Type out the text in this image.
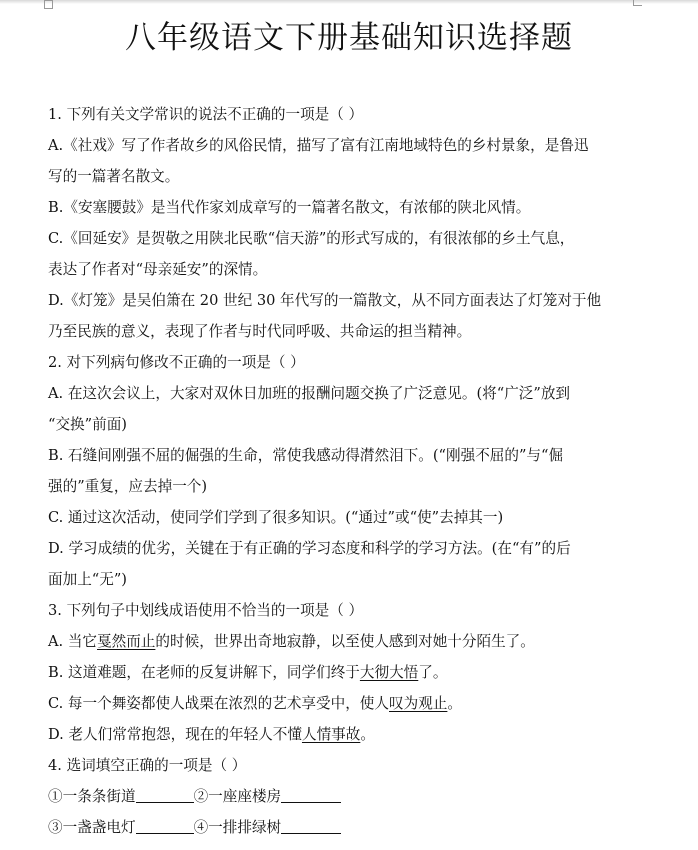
八年级语文下册基础知识选择题
1. 下列有关文学常识的说法不正确的一项是（ ）
A.《社戏》写了作者故乡的风俗民情，描写了富有江南地域特色的乡村景象，是鲁迅
写的一篇著名散文。
B.《安塞腰鼓》是当代作家刘成章写的一篇著名散文，有浓郁的陕北风情。
C.《回延安》是贺敬之用陕北民歌“信天游”的形式写成的，有很浓郁的乡土气息，
表达了作者对“母亲延安”的深情。
D.《灯笼》是吴伯箫在 20 世纪 30 年代写的一篇散文，从不同方面表达了灯笼对于他
乃至民族的意义，表现了作者与时代同呼吸、共命运的担当精神。
2. 对下列病句修改不正确的一项是（ ）
A. 在这次会议上，大家对双休日加班的报酬问题交换了广泛意见。(将“广泛”放到
“交换”前面)
B. 石缝间刚强不屈的倔强的生命，常使我感动得潸然泪下。(“刚强不屈的”与“倔
强的”重复，应去掉一个)
C. 通过这次活动，使同学们学到了很多知识。(“通过”或“使”去掉其一)
D. 学习成绩的优劣，关键在于有正确的学习态度和科学的学习方法。(在“有”的后
面加上“无”)
3. 下列句子中划线成语使用不恰当的一项是（ ）
A. 当它戛然而止的时候，世界出奇地寂静，以至使人感到对她十分陌生了。
B. 这道难题，在老师的反复讲解下，同学们终于大彻大悟了。
C. 每一个舞姿都使人战栗在浓烈的艺术享受中，使人叹为观止。
D. 老人们常常抱怨，现在的年轻人不懂人情事故。
4. 选词填空正确的一项是（ ）
①一条条街道	②一座座楼房
③一盏盏电灯	④一排排绿树
